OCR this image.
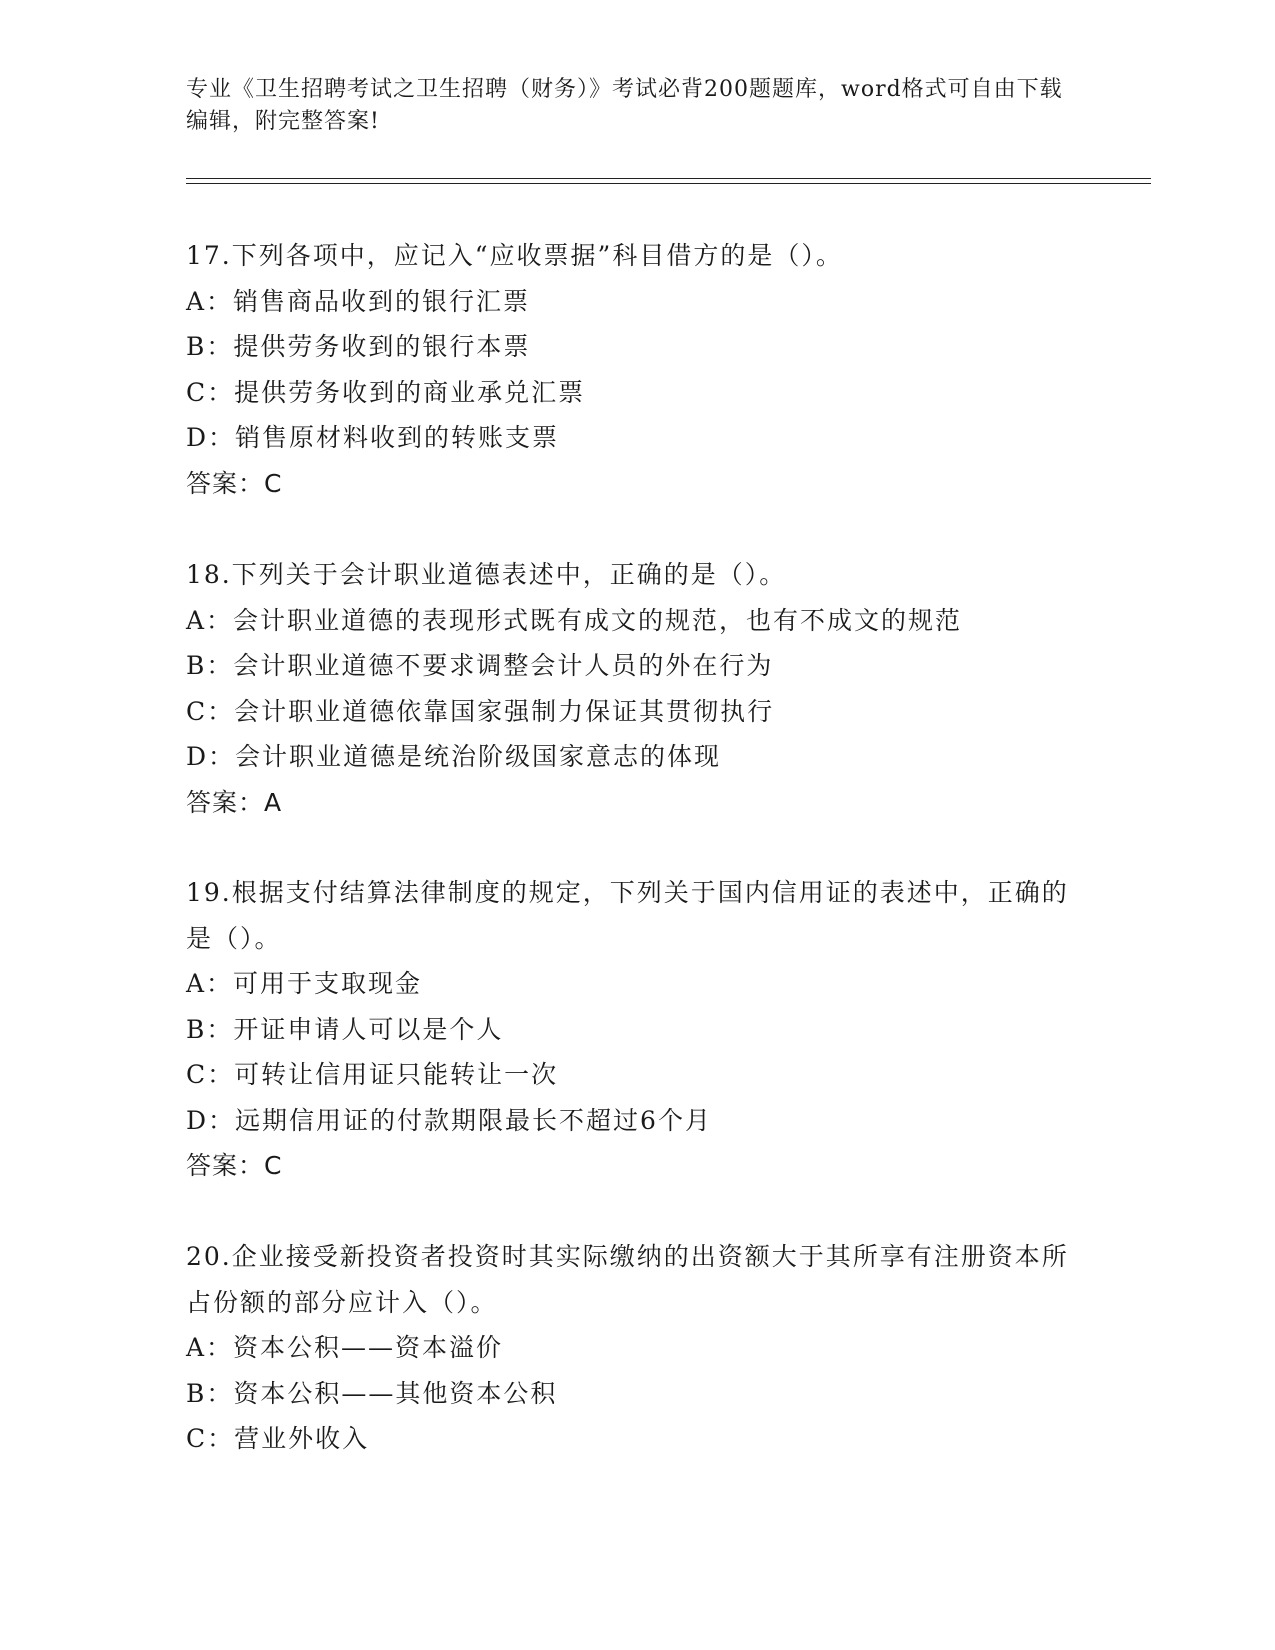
专业《卫生招聘考试之卫生招聘（财务）》考试必背200题题库，word格式可自由下载编辑，附完整答案!
17.下列各项中，应记入“应收票据”科目借方的是（）。
A：销售商品收到的银行汇票
B：提供劳务收到的银行本票
C：提供劳务收到的商业承兑汇票
D：销售原材料收到的转账支票
答案：C
18.下列关于会计职业道德表述中，正确的是（）。
A：会计职业道德的表现形式既有成文的规范，也有不成文的规范
B：会计职业道德不要求调整会计人员的外在行为
C：会计职业道德依靠国家强制力保证其贯彻执行
D：会计职业道德是统治阶级国家意志的体现
答案：A
19.根据支付结算法律制度的规定，下列关于国内信用证的表述中，正确的是（）。
A：可用于支取现金
B：开证申请人可以是个人
C：可转让信用证只能转让一次
D：远期信用证的付款期限最长不超过6个月
答案：C
20.企业接受新投资者投资时其实际缴纳的出资额大于其所享有注册资本所占份额的部分应计入（）。
A：资本公积——资本溢价
B：资本公积——其他资本公积
C：营业外收入
